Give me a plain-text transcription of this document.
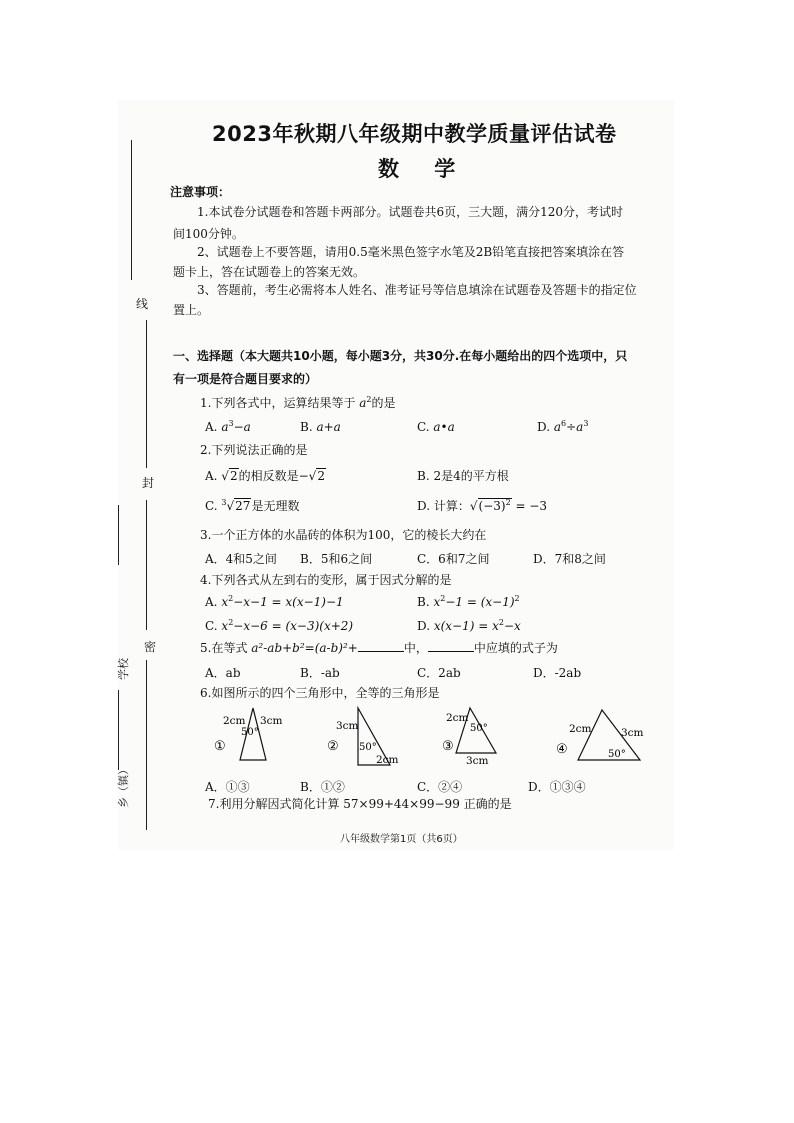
线
封
密
学校
乡（镇）
2023年秋期八年级期中教学质量评估试卷
数 学
注意事项：
1.本试卷分试题卷和答题卡两部分。试题卷共6页，三大题，满分120分，考试时
间100分钟。
2、试题卷上不要答题，请用0.5毫米黑色签字水笔及2B铅笔直接把答案填涂在答
题卡上，答在试题卷上的答案无效。
3、答题前，考生必需将本人姓名、准考证号等信息填涂在试题卷及答题卡的指定位
置上。
一、选择题（本大题共10小题，每小题3分，共30分.在每小题给出的四个选项中，只
有一项是符合题目要求的）
1.下列各式中，运算结果等于 $a^2$的是
A. $a^3-a$	B. a+a	C. a•a	D. $a^6\div a^3$
2.下列说法正确的是
A. √2的相反数是−√2	B. 2是4的平方根
C. $^3$√27是无理数	D. 计算：$√(-3)^2 = -3$
3.一个正方体的水晶砖的体积为100，它的棱长大约在
A．4和5之间 B．5和6之间	C．6和7之间	D．7和8之间
4.下列各式从左到右的变形，属于因式分解的是
A. $x^2-x-1 = x(x-1)-1$	B. $x^2-1 = (x-1)^2$
C. $x^2-x-6 = (x-3)(x+2)$	D. $x(x-1) = x^2-x$
5.在等式 a²-ab+b²=(a-b)²+	中，	中应填的式子为
A．ab	B．-ab	C．2ab	D．-2ab
6.如图所示的四个三角形中，全等的三角形是
①
2cm 3cm
50°
②
3cm
2cm
50°	③
2cm
3cm
50°
④
2cm	3cm
50°
A．①③	B．①②	C．②④	D．①③④
7.利用分解因式简化计算 57×99+44×99−99 正确的是
八年级数学第1页（共6页）
